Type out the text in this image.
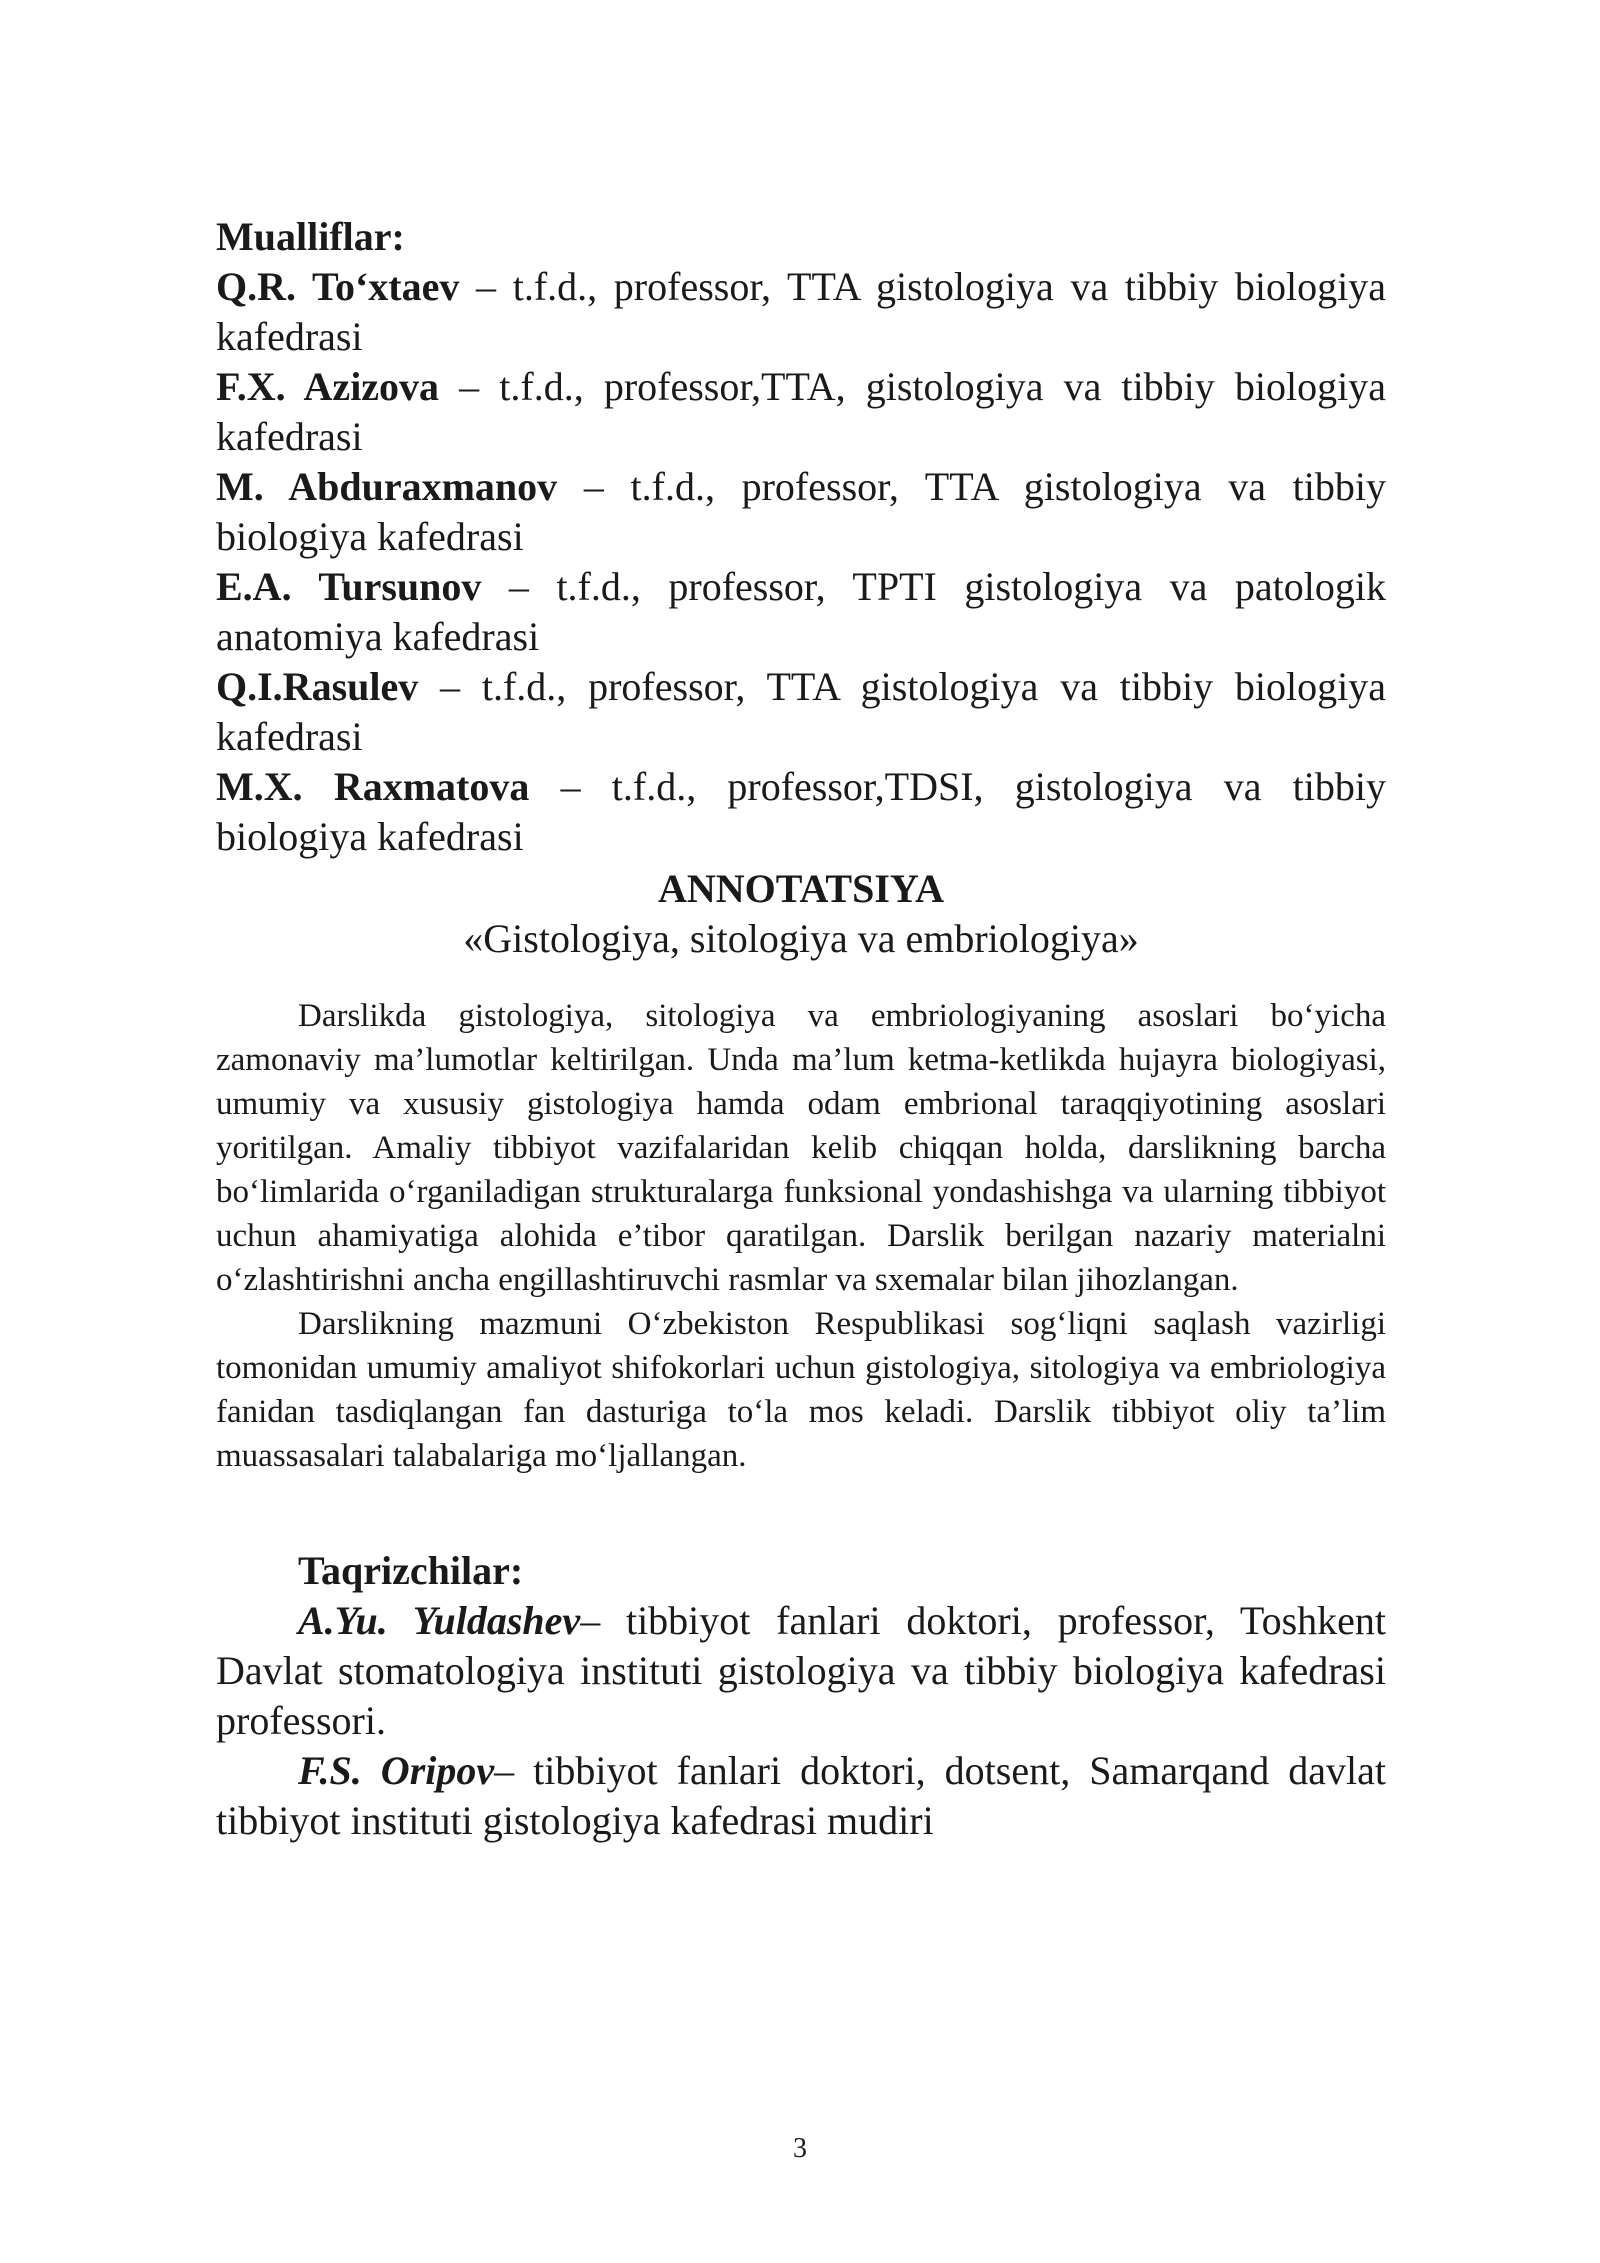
Mualliflar:

Q.R. To‘xtaev – t.f.d., professor, TTA gistologiya va tibbiy biologiya kafedrasi

F.X. Azizova – t.f.d., professor,TTA, gistologiya va tibbiy biologiya kafedrasi

M. Abduraxmanov – t.f.d., professor, TTA gistologiya va tibbiy biologiya kafedrasi

E.A. Tursunov – t.f.d., professor, TPTI gistologiya va patologik anatomiya kafedrasi

Q.I.Rasulev – t.f.d., professor, TTA gistologiya va tibbiy biologiya kafedrasi

M.X. Raxmatova – t.f.d., professor,TDSI, gistologiya va tibbiy biologiya kafedrasi

ANNOTATSIYA
«Gistologiya, sitologiya va embriologiya»

Darslikda gistologiya, sitologiya va embriologiyaning asoslari bo‘yicha zamonaviy ma’lumotlar keltirilgan. Unda ma’lum ketma-ketlikda hujayra biologiyasi, umumiy va xususiy gistologiya hamda odam embrional taraqqiyotining asoslari yoritilgan. Amaliy tibbiyot vazifalaridan kelib chiqqan holda, darslikning barcha bo‘limlarida o‘rganiladigan strukturalarga funksional yondashishga va ularning tibbiyot uchun ahamiyatiga alohida e’tibor qaratilgan. Darslik berilgan nazariy materialni o‘zlashtirishni ancha engillashtiruvchi rasmlar va sxemalar bilan jihozlangan.

Darslikning mazmuni O‘zbekiston Respublikasi sog‘liqni saqlash vazirligi tomonidan umumiy amaliyot shifokorlari uchun gistologiya, sitologiya va embriologiya fanidan tasdiqlangan fan dasturiga to‘la mos keladi. Darslik tibbiyot oliy ta’lim muassasalari talabalariga mo‘ljallangan.

Taqrizchilar:

A.Yu. Yuldashev– tibbiyot fanlari doktori, professor, Toshkent Davlat stomatologiya instituti gistologiya va tibbiy biologiya kafedrasi professori.

F.S. Oripov– tibbiyot fanlari doktori, dotsent, Samarqand davlat tibbiyot instituti gistologiya kafedrasi mudiri

3
